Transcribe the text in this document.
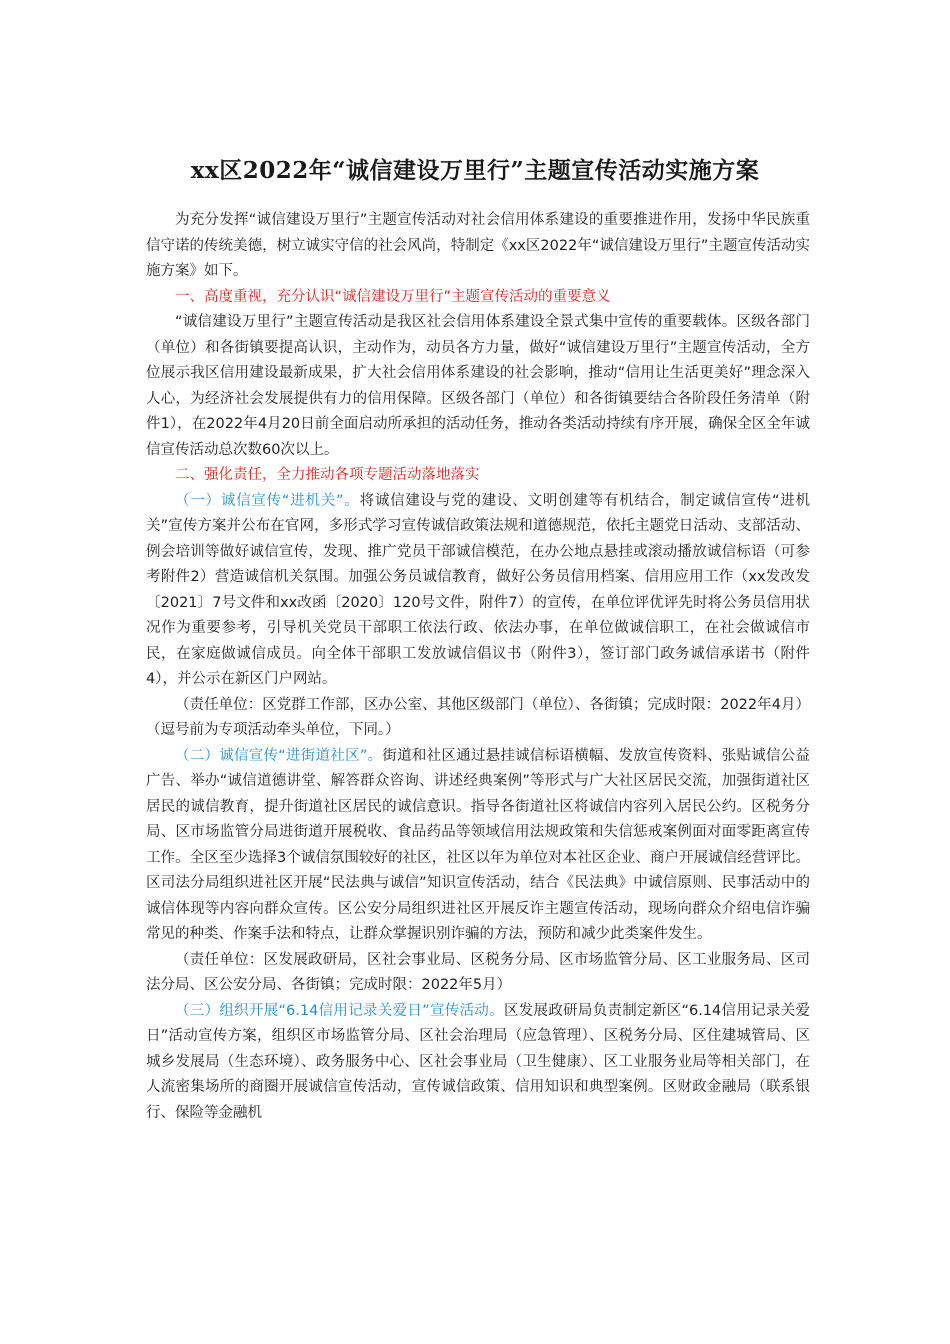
xx区2022年“诚信建设万里行”主题宣传活动实施方案

为充分发挥“诚信建设万里行”主题宣传活动对社会信用体系建设的重要推进作用，发扬中华民族重信守诺的传统美德，树立诚实守信的社会风尚，特制定《xx区2022年“诚信建设万里行”主题宣传活动实施方案》如下。

一、高度重视，充分认识“诚信建设万里行”主题宣传活动的重要意义

“诚信建设万里行”主题宣传活动是我区社会信用体系建设全景式集中宣传的重要载体。区级各部门（单位）和各街镇要提高认识，主动作为，动员各方力量，做好“诚信建设万里行”主题宣传活动，全方位展示我区信用建设最新成果，扩大社会信用体系建设的社会影响，推动“信用让生活更美好”理念深入人心，为经济社会发展提供有力的信用保障。区级各部门（单位）和各街镇要结合各阶段任务清单（附件1），在2022年4月20日前全面启动所承担的活动任务，推动各类活动持续有序开展，确保全区全年诚信宣传活动总次数60次以上。

二、强化责任，全力推动各项专题活动落地落实

（一）诚信宣传“进机关”。将诚信建设与党的建设、文明创建等有机结合，制定诚信宣传“进机关”宣传方案并公布在官网，多形式学习宣传诚信政策法规和道德规范，依托主题党日活动、支部活动、例会培训等做好诚信宣传，发现、推广党员干部诚信模范，在办公地点悬挂或滚动播放诚信标语（可参考附件2）营造诚信机关氛围。加强公务员诚信教育，做好公务员信用档案、信用应用工作（xx发改发〔2021〕7号文件和xx改函〔2020〕120号文件，附件7）的宣传，在单位评优评先时将公务员信用状况作为重要参考，引导机关党员干部职工依法行政、依法办事，在单位做诚信职工，在社会做诚信市民，在家庭做诚信成员。向全体干部职工发放诚信倡议书（附件3），签订部门政务诚信承诺书（附件4），并公示在新区门户网站。

（责任单位：区党群工作部，区办公室、其他区级部门（单位）、各街镇；完成时限：2022年4月）（逗号前为专项活动牵头单位，下同。）

（二）诚信宣传“进街道社区”。街道和社区通过悬挂诚信标语横幅、发放宣传资料、张贴诚信公益广告、举办“诚信道德讲堂、解答群众咨询、讲述经典案例”等形式与广大社区居民交流，加强街道社区居民的诚信教育，提升街道社区居民的诚信意识。指导各街道社区将诚信内容列入居民公约。区税务分局、区市场监管分局进街道开展税收、食品药品等领域信用法规政策和失信惩戒案例面对面零距离宣传工作。全区至少选择3个诚信氛围较好的社区，社区以年为单位对本社区企业、商户开展诚信经营评比。区司法分局组织进社区开展“民法典与诚信”知识宣传活动，结合《民法典》中诚信原则、民事活动中的诚信体现等内容向群众宣传。区公安分局组织进社区开展反诈主题宣传活动，现场向群众介绍电信诈骗常见的种类、作案手法和特点，让群众掌握识别诈骗的方法，预防和减少此类案件发生。

（责任单位：区发展政研局，区社会事业局、区税务分局、区市场监管分局、区工业服务局、区司法分局、区公安分局、各街镇；完成时限：2022年5月）

（三）组织开展“6.14信用记录关爱日”宣传活动。区发展政研局负责制定新区“6.14信用记录关爱日”活动宣传方案，组织区市场监管分局、区社会治理局（应急管理）、区税务分局、区住建城管局、区城乡发展局（生态环境）、政务服务中心、区社会事业局（卫生健康）、区工业服务业局等相关部门，在人流密集场所的商圈开展诚信宣传活动，宣传诚信政策、信用知识和典型案例。区财政金融局（联系银行、保险等金融机
